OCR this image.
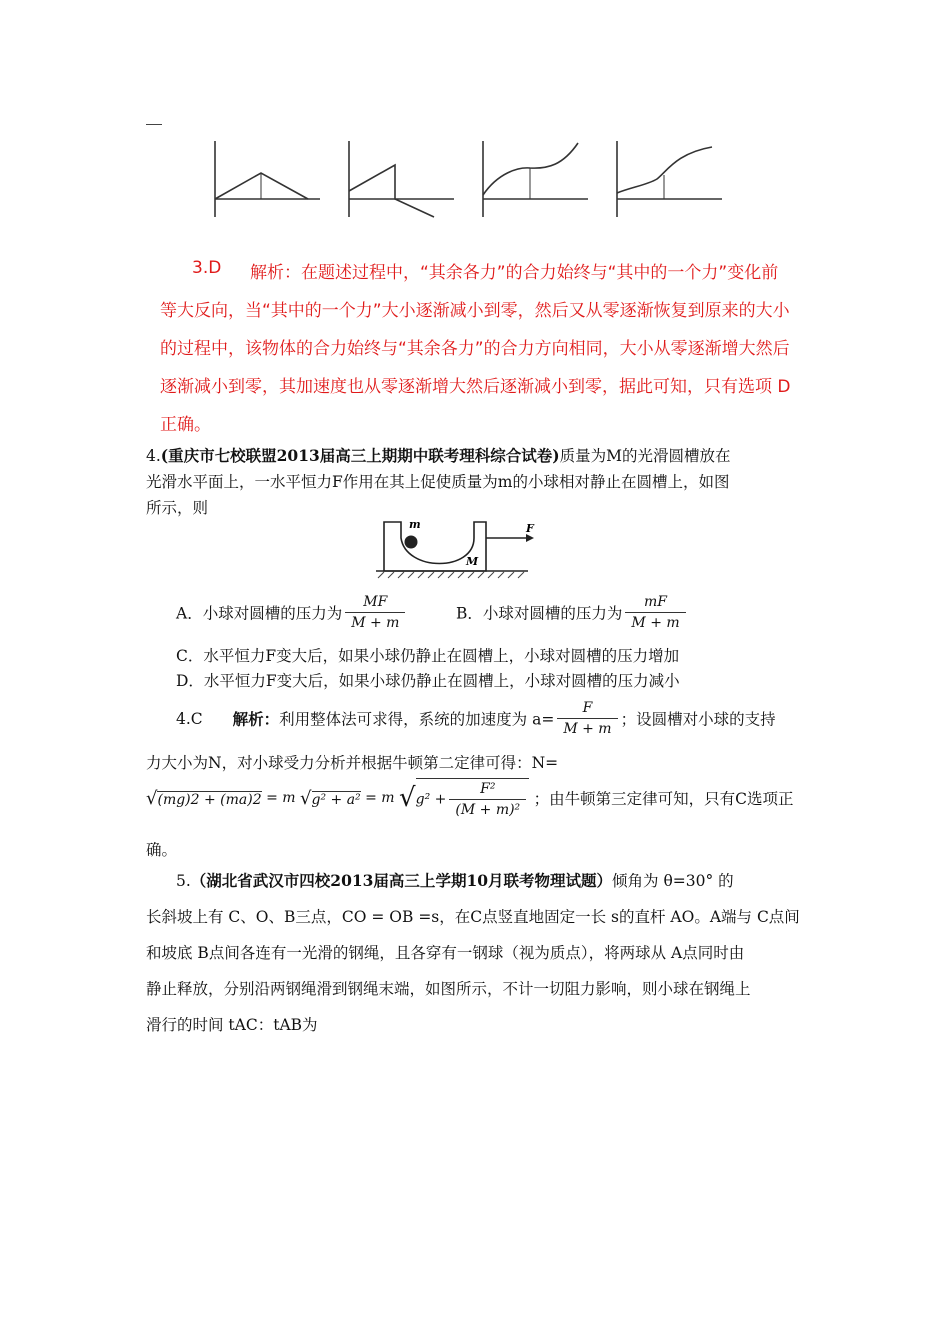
3.D 解析：在题述过程中，“其余各力”的合力始终与“其中的一个力”变化前
等大反向，当“其中的一个力”大小逐渐减小到零，然后又从零逐渐恢复到原来的大小
的过程中，该物体的合力始终与“其余各力”的合力方向相同，大小从零逐渐增大然后
逐渐减小到零，其加速度也从零逐渐增大然后逐渐减小到零，据此可知，只有选项 D
正确。
4.(重庆市七校联盟2013届高三上期期中联考理科综合试卷)质量为M的光滑圆槽放在
光滑水平面上，一水平恒力F作用在其上促使质量为m的小球相对静止在圆槽上，如图
所示，则
m
M
F
A．小球对圆槽的压力为 $\frac{MF}{M + m}$	B．小球对圆槽的压力为 $\frac{mF}{M + m}$
C．水平恒力F变大后，如果小球仍静止在圆槽上，小球对圆槽的压力增加
D．水平恒力F变大后，如果小球仍静止在圆槽上，小球对圆槽的压力减小
4.C 解析：利用整体法可求得，系统的加速度为 $a= \frac{F}{M + m}$ ；设圆槽对小球的支持
力大小为N，对小球受力分析并根据牛顿第二定律可得：N=
√(mg)2 + (ma)2 = m √g² + a² = m $√g^2 + \frac{\text{F²}}{\text{(M + m)²}}$ ；由牛顿第三定律可知，只有C选项正
确。
5.（湖北省武汉市四校2013届高三上学期10月联考物理试题）倾角为 θ=30° 的
长斜坡上有 C、O、B三点，CO = OB =s，在C点竖直地固定一长 s的直杆 AO。A端与 C点间
和坡底 B点间各连有一光滑的钢绳，且各穿有一钢球（视为质点），将两球从 A点同时由
静止释放，分别沿两钢绳滑到钢绳末端，如图所示，不计一切阻力影响，则小球在钢绳上
滑行的时间 tAC：tAB为
